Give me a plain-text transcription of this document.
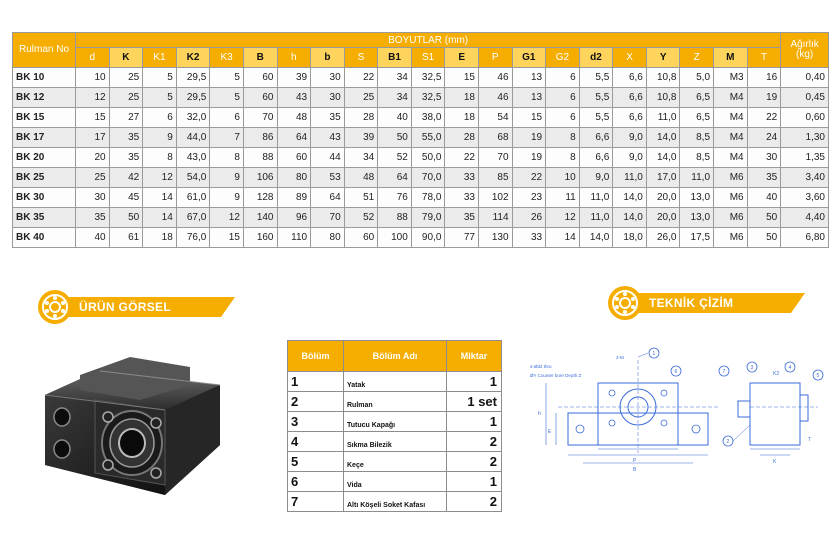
Rulman No	BOYUTLAR (mm)																					Ağırlık (kg)
	d	K	K1	K2	K3	B	h	b	S	B1	S1	E	P	G1	G2	d2	X	Y	Z	M	T	
BK 10	10	25	5	29,5	5	60	39	30	22	34	32,5	15	46	13	6	5,5	6,6	10,8	5,0	M3	16	0,40
BK 12	12	25	5	29,5	5	60	43	30	25	34	32,5	18	46	13	6	5,5	6,6	10,8	6,5	M4	19	0,45
BK 15	15	27	6	32,0	6	70	48	35	28	40	38,0	18	54	15	6	5,5	6,6	11,0	6,5	M4	22	0,60
BK 17	17	35	9	44,0	7	86	64	43	39	50	55,0	28	68	19	8	6,6	9,0	14,0	8,5	M4	24	1,30
BK 20	20	35	8	43,0	8	88	60	44	34	52	50,0	22	70	19	8	6,6	9,0	14,0	8,5	M4	30	1,35
BK 25	25	42	12	54,0	9	106	80	53	48	64	70,0	33	85	22	10	9,0	11,0	17,0	11,0	M6	35	3,40
BK 30	30	45	14	61,0	9	128	89	64	51	76	78,0	33	102	23	11	11,0	14,0	20,0	13,0	M6	40	3,60
BK 35	35	50	14	67,0	12	140	96	70	52	88	79,0	35	114	26	12	11,0	14,0	20,0	13,0	M6	50	4,40
BK 40	40	61	18	76,0	15	160	110	80	60	100	90,0	77	130	33	14	14,0	18,0	26,0	17,5	M6	50	6,80
ÜRÜN GÖRSEL	TEKNİK ÇİZİM
Bölüm	Bölüm Adı	Miktar
1	Yatak	1
2	Rulman	1 set
3	Tutucu Kapağı	1
4	Sıkma Bilezik	2
5	Keçe	2
6	Vida	1
7	Altı Köşeli Soket Kafası	2
P
B
E
h
ØY Counter bore Depth Z
4-Ød2 thru
2-M
1
6	K2
K
T
7
3	4
5
2
